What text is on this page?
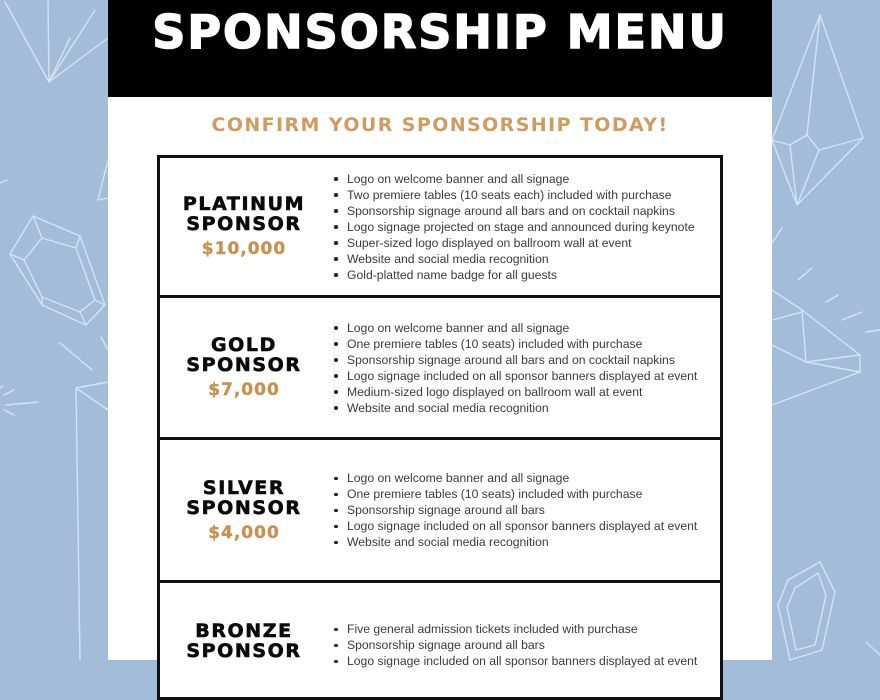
SPONSORSHIP MENU
CONFIRM YOUR SPONSORSHIP TODAY!
PLATINUM
SPONSOR
$10,000
Logo on welcome banner and all signage
Two premiere tables (10 seats each) included with purchase
Sponsorship signage around all bars and on cocktail napkins
Logo signage projected on stage and announced during keynote
Super-sized logo displayed on ballroom wall at event
Website and social media recognition
Gold-platted name badge for all guests
GOLD
SPONSOR
$7,000
Logo on welcome banner and all signage
One premiere tables (10 seats) included with purchase
Sponsorship signage around all bars and on cocktail napkins
Logo signage included on all sponsor banners displayed at event
Medium-sized logo displayed on ballroom wall at event
Website and social media recognition
SILVER
SPONSOR
$4,000
Logo on welcome banner and all signage
One premiere tables (10 seats) included with purchase
Sponsorship signage around all bars
Logo signage included on all sponsor banners displayed at event
Website and social media recognition
BRONZE
SPONSOR
Five general admission tickets included with purchase
Sponsorship signage around all bars
Logo signage included on all sponsor banners displayed at event
